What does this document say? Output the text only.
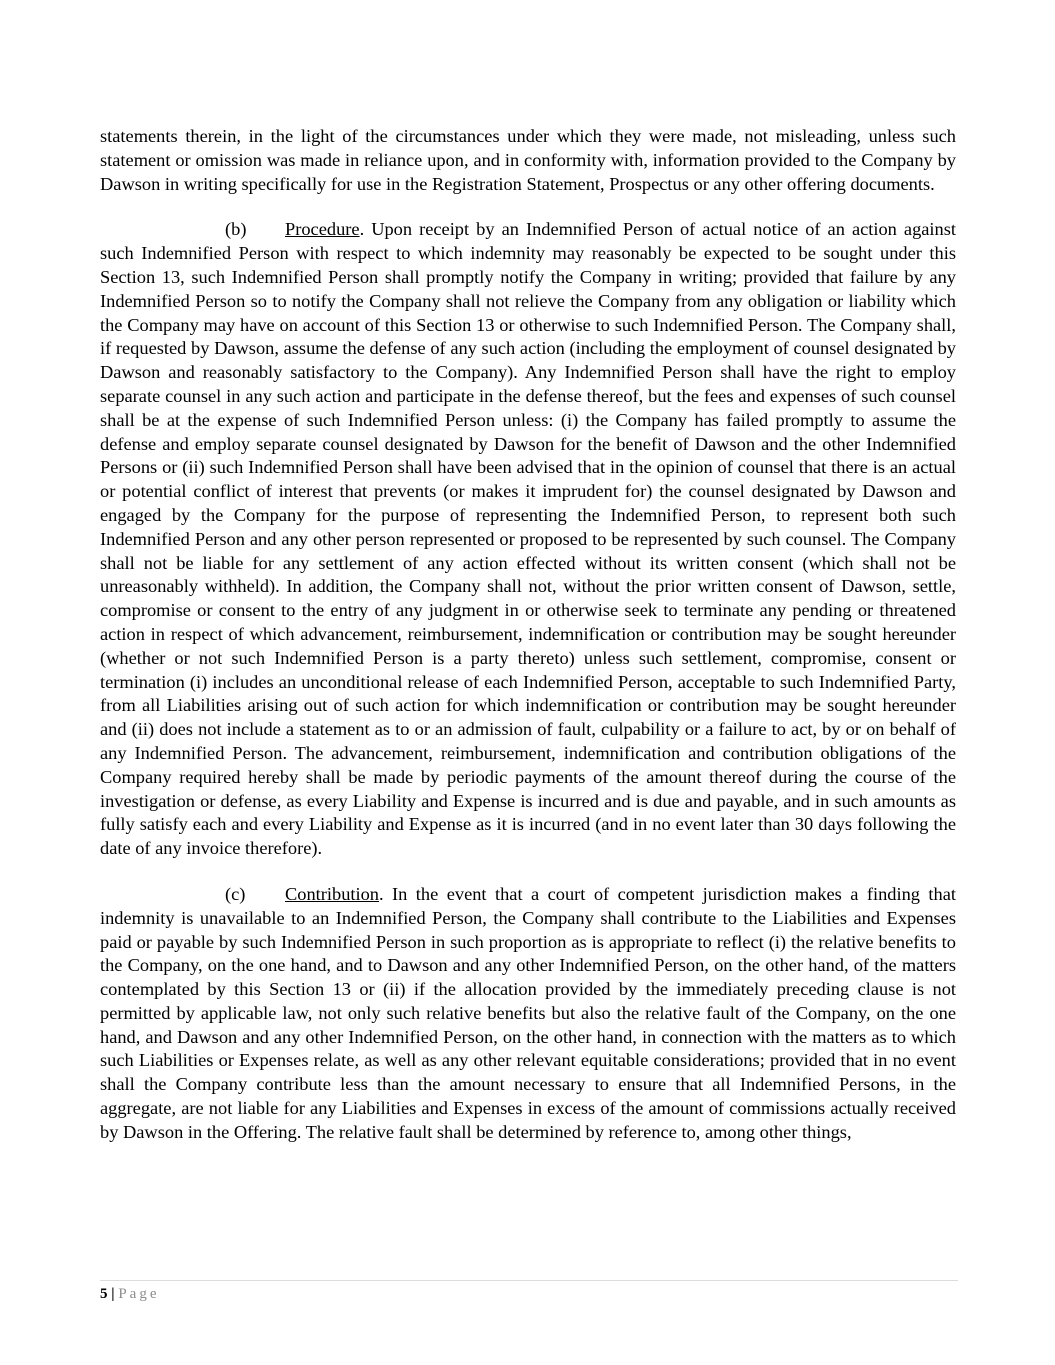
statements therein, in the light of the circumstances under which they were made, not misleading, unless such statement or omission was made in reliance upon, and in conformity with, information provided to the Company by Dawson in writing specifically for use in the Registration Statement, Prospectus or any other offering documents.

(b) Procedure. Upon receipt by an Indemnified Person of actual notice of an action against such Indemnified Person with respect to which indemnity may reasonably be expected to be sought under this Section 13, such Indemnified Person shall promptly notify the Company in writing; provided that failure by any Indemnified Person so to notify the Company shall not relieve the Company from any obligation or liability which the Company may have on account of this Section 13 or otherwise to such Indemnified Person. The Company shall, if requested by Dawson, assume the defense of any such action (including the employment of counsel designated by Dawson and reasonably satisfactory to the Company). Any Indemnified Person shall have the right to employ separate counsel in any such action and participate in the defense thereof, but the fees and expenses of such counsel shall be at the expense of such Indemnified Person unless: (i) the Company has failed promptly to assume the defense and employ separate counsel designated by Dawson for the benefit of Dawson and the other Indemnified Persons or (ii) such Indemnified Person shall have been advised that in the opinion of counsel that there is an actual or potential conflict of interest that prevents (or makes it imprudent for) the counsel designated by Dawson and engaged by the Company for the purpose of representing the Indemnified Person, to represent both such Indemnified Person and any other person represented or proposed to be represented by such counsel. The Company shall not be liable for any settlement of any action effected without its written consent (which shall not be unreasonably withheld). In addition, the Company shall not, without the prior written consent of Dawson, settle, compromise or consent to the entry of any judgment in or otherwise seek to terminate any pending or threatened action in respect of which advancement, reimbursement, indemnification or contribution may be sought hereunder (whether or not such Indemnified Person is a party thereto) unless such settlement, compromise, consent or termination (i) includes an unconditional release of each Indemnified Person, acceptable to such Indemnified Party, from all Liabilities arising out of such action for which indemnification or contribution may be sought hereunder and (ii) does not include a statement as to or an admission of fault, culpability or a failure to act, by or on behalf of any Indemnified Person. The advancement, reimbursement, indemnification and contribution obligations of the Company required hereby shall be made by periodic payments of the amount thereof during the course of the investigation or defense, as every Liability and Expense is incurred and is due and payable, and in such amounts as fully satisfy each and every Liability and Expense as it is incurred (and in no event later than 30 days following the date of any invoice therefore).

(c) Contribution. In the event that a court of competent jurisdiction makes a finding that indemnity is unavailable to an Indemnified Person, the Company shall contribute to the Liabilities and Expenses paid or payable by such Indemnified Person in such proportion as is appropriate to reflect (i) the relative benefits to the Company, on the one hand, and to Dawson and any other Indemnified Person, on the other hand, of the matters contemplated by this Section 13 or (ii) if the allocation provided by the immediately preceding clause is not permitted by applicable law, not only such relative benefits but also the relative fault of the Company, on the one hand, and Dawson and any other Indemnified Person, on the other hand, in connection with the matters as to which such Liabilities or Expenses relate, as well as any other relevant equitable considerations; provided that in no event shall the Company contribute less than the amount necessary to ensure that all Indemnified Persons, in the aggregate, are not liable for any Liabilities and Expenses in excess of the amount of commissions actually received by Dawson in the Offering. The relative fault shall be determined by reference to, among other things,

5 | Page
